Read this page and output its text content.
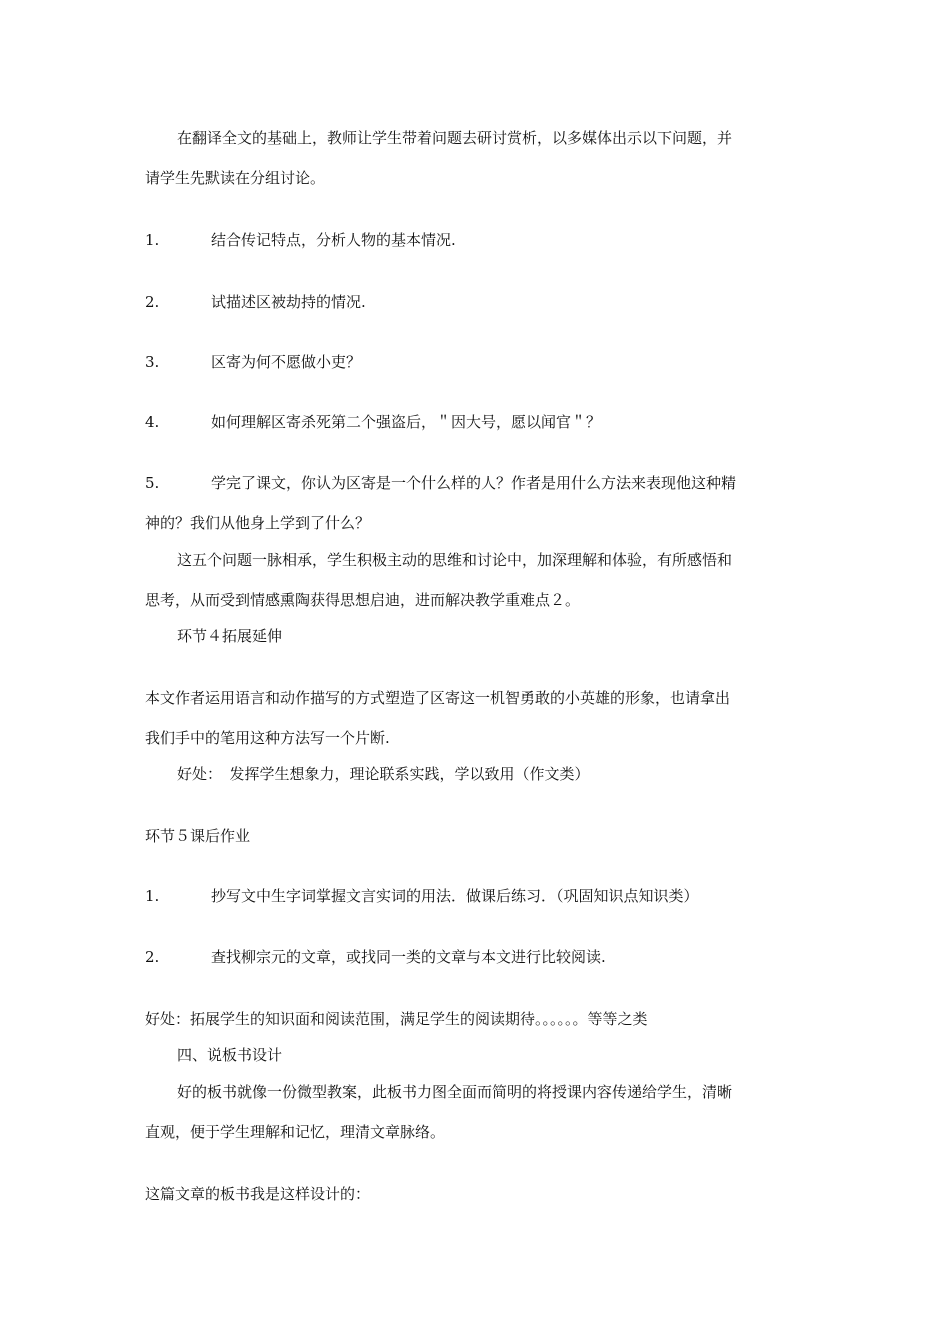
在翻译全文的基础上，教师让学生带着问题去研讨赏析，以多媒体出示以下问题，并
请学生先默读在分组讨论。
1.	结合传记特点，分析人物的基本情况.
2.	试描述区被劫持的情况.
3.	区寄为何不愿做小吏？
4.	如何理解区寄杀死第二个强盗后，＂因大号，愿以闻官＂？
5.	学完了课文，你认为区寄是一个什么样的人？作者是用什么方法来表现他这种精
神的？我们从他身上学到了什么？
这五个问题一脉相承，学生积极主动的思维和讨论中，加深理解和体验，有所感悟和
思考，从而受到情感熏陶获得思想启迪，进而解决教学重难点２。
环节４拓展延伸
本文作者运用语言和动作描写的方式塑造了区寄这一机智勇敢的小英雄的形象，也请拿出
我们手中的笔用这种方法写一个片断.
好处：　发挥学生想象力，理论联系实践，学以致用（作文类）
环节５课后作业
1.	抄写文中生字词掌握文言实词的用法．做课后练习．（巩固知识点知识类）
2.	查找柳宗元的文章，或找同一类的文章与本文进行比较阅读.
好处：拓展学生的知识面和阅读范围，满足学生的阅读期待。。。。。。等等之类
四、说板书设计
好的板书就像一份微型教案，此板书力图全面而简明的将授课内容传递给学生，清晰
直观，便于学生理解和记忆，理清文章脉络。
这篇文章的板书我是这样设计的：
